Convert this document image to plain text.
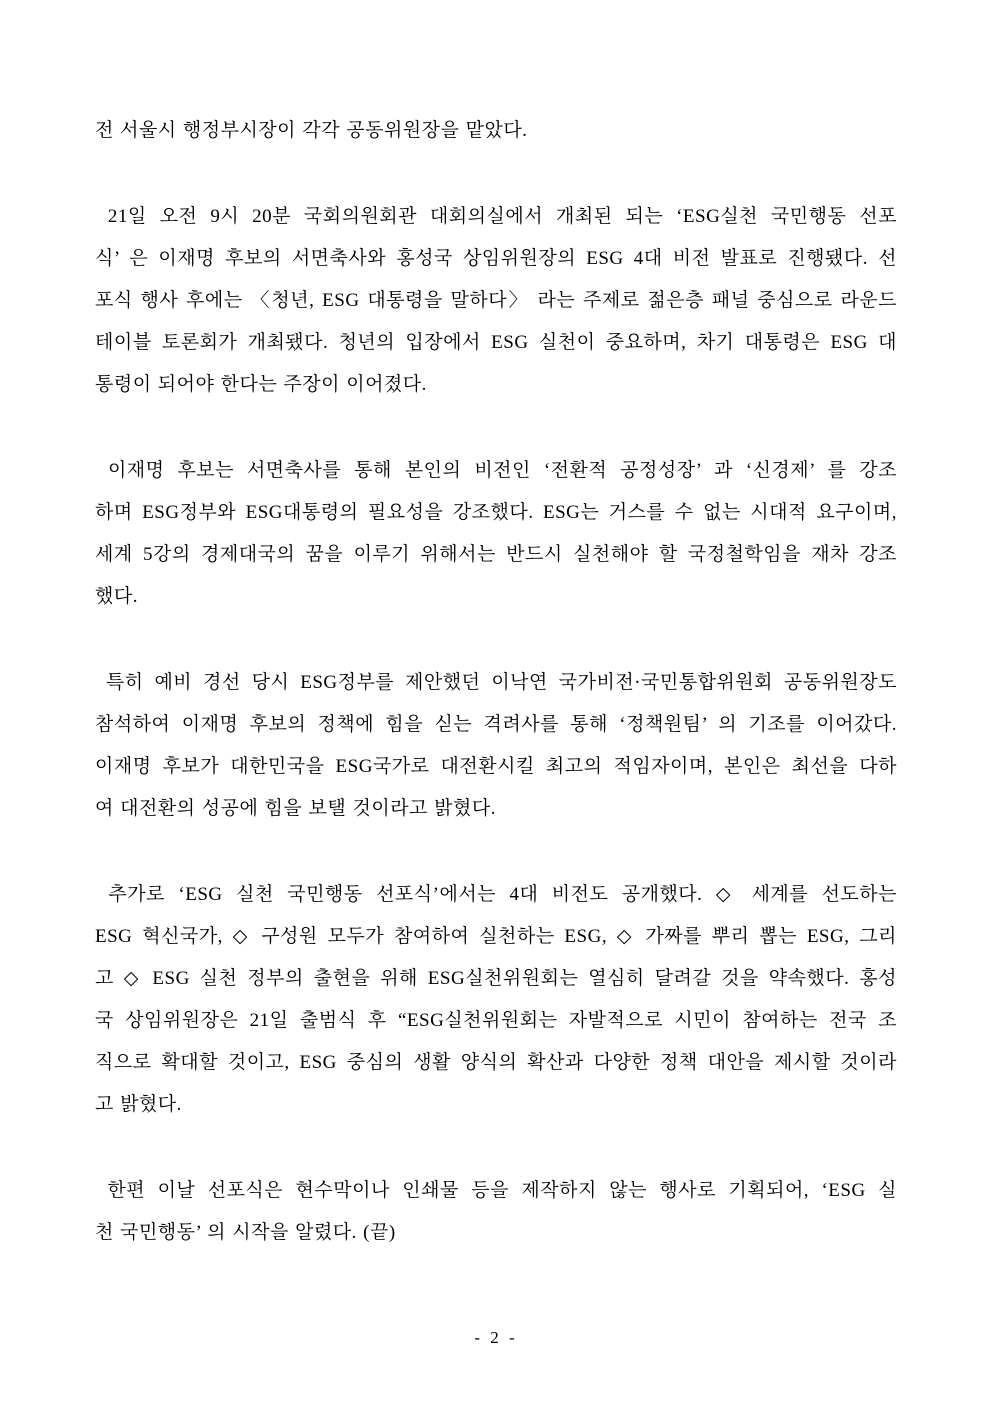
전 서울시 행정부시장이 각각 공동위원장을 맡았다.
21일 오전 9시 20분 국회의원회관 대회의실에서 개최된 되는 ‘ESG실천 국민행동 선포
식’ 은 이재명 후보의 서면축사와 홍성국 상임위원장의 ESG 4대 비전 발표로 진행됐다. 선
포식 행사 후에는 〈청년, ESG 대통령을 말하다〉 라는 주제로 젊은층 패널 중심으로 라운드
테이블 토론회가 개최됐다. 청년의 입장에서 ESG 실천이 중요하며, 차기 대통령은 ESG 대
통령이 되어야 한다는 주장이 이어졌다.
이재명 후보는 서면축사를 통해 본인의 비전인 ‘전환적 공정성장’ 과 ‘신경제’ 를 강조
하며 ESG정부와 ESG대통령의 필요성을 강조했다. ESG는 거스를 수 없는 시대적 요구이며,
세계 5강의 경제대국의 꿈을 이루기 위해서는 반드시 실천해야 할 국정철학임을 재차 강조
했다.
특히 예비 경선 당시 ESG정부를 제안했던 이낙연 국가비전·국민통합위원회 공동위원장도
참석하여 이재명 후보의 정책에 힘을 싣는 격려사를 통해 ‘정책원팀’ 의 기조를 이어갔다.
이재명 후보가 대한민국을 ESG국가로 대전환시킬 최고의 적임자이며, 본인은 최선을 다하
여 대전환의 성공에 힘을 보탤 것이라고 밝혔다.
추가로 ‘ESG 실천 국민행동 선포식’에서는 4대 비전도 공개했다. ◇ 세계를 선도하는
ESG 혁신국가, ◇ 구성원 모두가 참여하여 실천하는 ESG, ◇ 가짜를 뿌리 뽑는 ESG, 그리
고 ◇ ESG 실천 정부의 출현을 위해 ESG실천위원회는 열심히 달려갈 것을 약속했다. 홍성
국 상임위원장은 21일 출범식 후 “ESG실천위원회는 자발적으로 시민이 참여하는 전국 조
직으로 확대할 것이고, ESG 중심의 생활 양식의 확산과 다양한 정책 대안을 제시할 것이라
고 밝혔다.
한편 이날 선포식은 현수막이나 인쇄물 등을 제작하지 않는 행사로 기획되어, ‘ESG 실
천 국민행동’ 의 시작을 알렸다. (끝)
- 2 -
